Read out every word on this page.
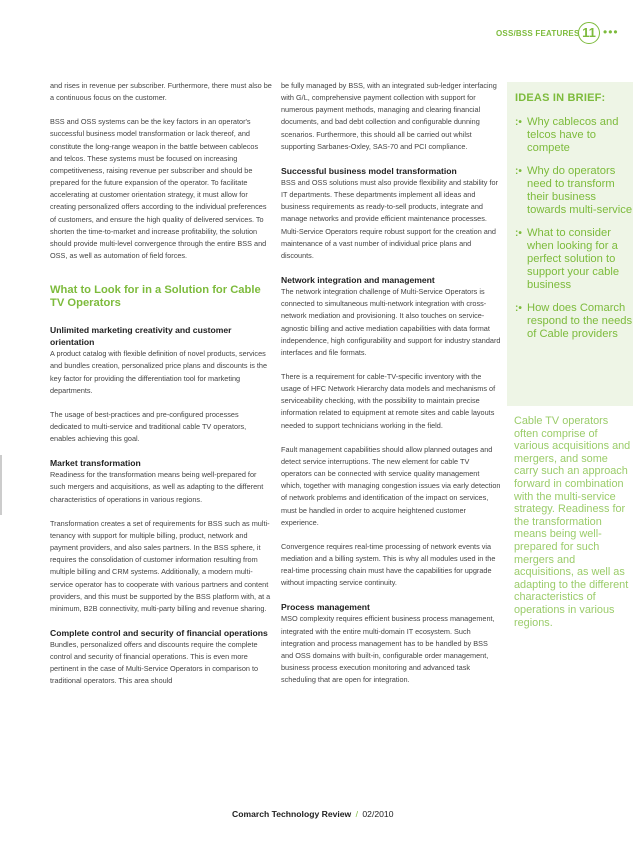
OSS/BSS FEATURES 11 •••

and rises in revenue per subscriber. Furthermore, there must also be a continuous focus on the customer.

BSS and OSS systems can be the key factors in an operator's successful business model transformation or lack thereof, and constitute the long-range weapon in the battle between cablecos and telcos. These systems must be focused on increasing competitiveness, raising revenue per subscriber and should be prepared for the future expansion of the operator. To facilitate accelerating at customer orientation strategy, it must allow for creating personalized offers according to the individual preferences of customers, and ensure the high quality of delivered services. To shorten the time-to-market and increase profitability, the solution should provide multi-level convergence through the entire BSS and OSS, as well as automation of field forces.

What to Look for in a Solution for Cable TV Operators
Unlimited marketing creativity and customer orientation

A product catalog with flexible definition of novel products, services and bundles creation, personalized price plans and discounts is the key factor for providing the differentiation tool for marketing departments.

The usage of best-practices and pre-configured processes dedicated to multi-service and traditional cable TV operators, enables achieving this goal.

Market transformation

Readiness for the transformation means being well-prepared for such mergers and acquisitions, as well as adapting to the different characteristics of operations in various regions.

Transformation creates a set of requirements for BSS such as multi-tenancy with support for multiple billing, product, network and payment providers, and also sales partners. In the BSS sphere, it requires the consolidation of customer information resulting from multiple billing and CRM systems. Additionally, a modern multi-service operator has to cooperate with various partners and content providers, and this must be supported by the BSS platform with, at a minimum, B2B connectivity, multi-party billing and revenue sharing.

Complete control and security of financial operations

Bundles, personalized offers and discounts require the complete control and security of financial operations. This is even more pertinent in the case of Multi-Service Operators in comparison to traditional operators. This area should

be fully managed by BSS, with an integrated sub-ledger interfacing with G/L, comprehensive payment collection with support for numerous payment methods, managing and clearing financial documents, and bad debt collection and configurable dunning scenarios. Furthermore, this should all be carried out whilst supporting Sarbanes-Oxley, SAS-70 and PCI compliance.

Successful business model transformation

BSS and OSS solutions must also provide flexibility and stability for IT departments. These departments implement all ideas and business requirements as ready-to-sell products, integrate and manage networks and provide efficient maintenance processes. Multi-Service Operators require robust support for the creation and maintenance of a vast number of individual price plans and discounts.

Network integration and management

The network integration challenge of Multi-Service Operators is connected to simultaneous multi-network integration with cross-network mediation and provisioning. It also touches on service-agnostic billing and active mediation capabilities with data format independence, high configurability and support for industry standard interfaces and file formats.

There is a requirement for cable-TV-specific inventory with the usage of HFC Network Hierarchy data models and mechanisms of serviceability checking, with the possibility to maintain precise information related to equipment at remote sites and cable layouts needed to support technicians working in the field.

Fault management capabilities should allow planned outages and detect service interruptions. The new element for cable TV operators can be connected with service quality management which, together with managing congestion issues via early detection of network problems and identification of the impact on services, must be handled in order to acquire heightened customer experience.

Convergence requires real-time processing of network events via mediation and a billing system. This is why all modules used in the real-time processing chain must have the capabilities for upgrade without impacting service continuity.

Process management

MSO complexity requires efficient business process management, integrated with the entire multi-domain IT ecosystem. Such integration and process management has to be handled by BSS and OSS domains with built-in, configurable order management, business process execution monitoring and advanced task scheduling that are open for integration.

IDEAS IN BRIEF:
:• Why cablecos and telcos have to compete
:• Why do operators need to transform their business towards multi-service
:• What to consider when looking for a perfect solution to support your cable business
:• How does Comarch respond to the needs of Cable providers
Cable TV operators often comprise of various acquisitions and mergers, and some carry such an approach forward in combination with the multi-service strategy. Readiness for the transformation means being well-prepared for such mergers and acquisitions, as well as adapting to the different characteristics of operations in various regions.
Comarch Technology Review / 02/2010
